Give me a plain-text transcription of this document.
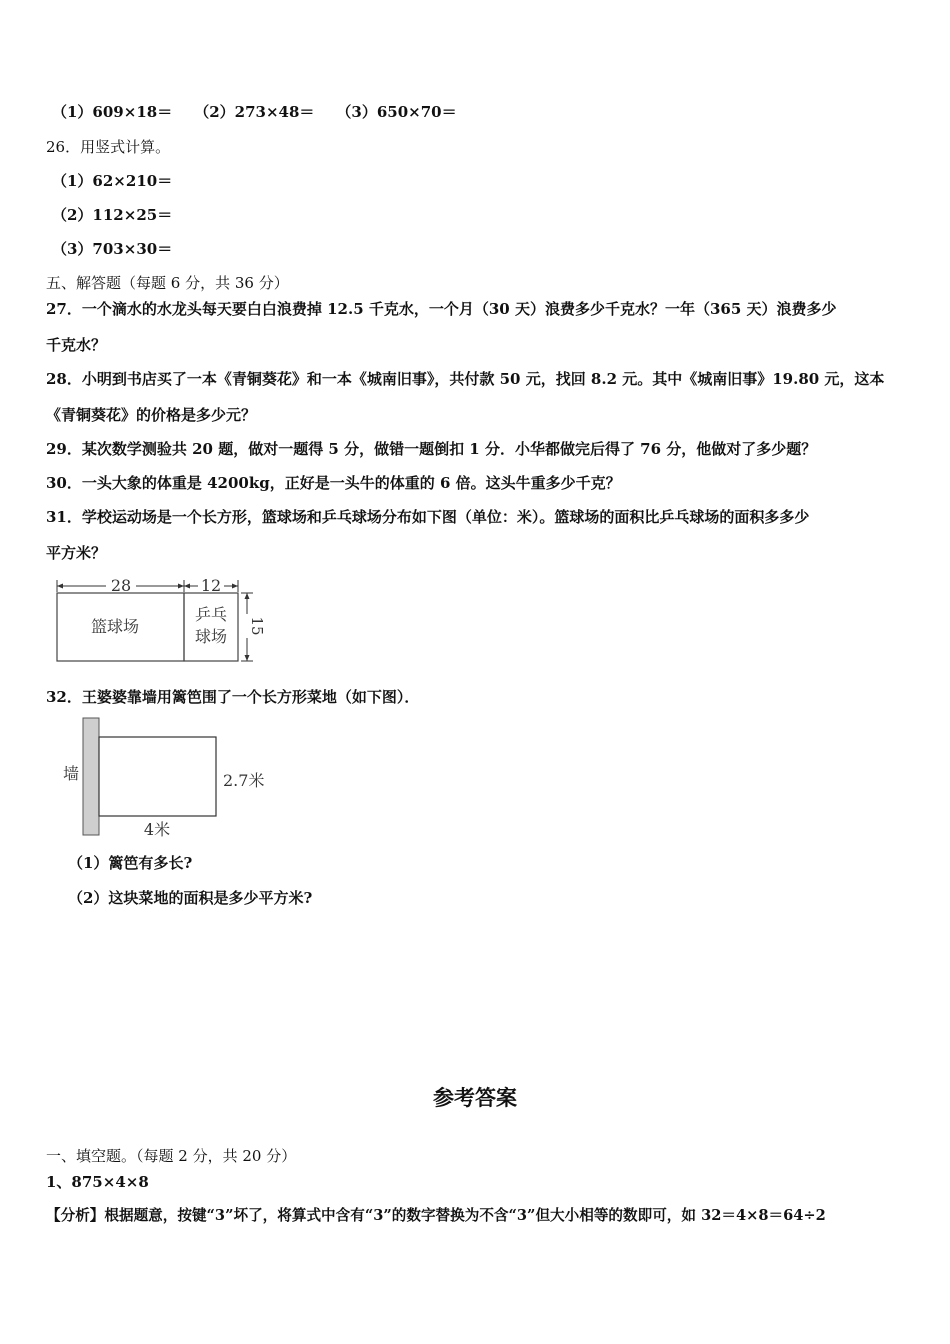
（1）609×18＝ （2）273×48＝ （3）650×70＝
26．用竖式计算。
（1）62×210＝
（2）112×25＝
（3）703×30＝
五、解答题（每题 6 分，共 36 分）
27．一个滴水的水龙头每天要白白浪费掉 12.5 千克水，一个月（30 天）浪费多少千克水？一年（365 天）浪费多少
千克水？
28．小明到书店买了一本《青铜葵花》和一本《城南旧事》，共付款 50 元，找回 8.2 元。其中《城南旧事》19.80 元，这本
《青铜葵花》的价格是多少元？
29．某次数学测验共 20 题，做对一题得 5 分，做错一题倒扣 1 分．小华都做完后得了 76 分，他做对了多少题？
30．一头大象的体重是 4200kg，正好是一头牛的体重的 6 倍。这头牛重多少千克？
31．学校运动场是一个长方形，篮球场和乒乓球场分布如下图（单位：米）。篮球场的面积比乒乓球场的面积多多少
平方米？
28	12
篮球场
乒乓
球场
15
32．王婆婆靠墙用篱笆围了一个长方形菜地（如下图）．
墙	2.7米
4米
（1）篱笆有多长?
（2）这块菜地的面积是多少平方米?
参考答案
一、填空题。（每题 2 分，共 20 分）
1、875×4×8
【分析】根据题意，按键“3”坏了，将算式中含有“3”的数字替换为不含“3”但大小相等的数即可，如 32＝4×8＝64÷2
